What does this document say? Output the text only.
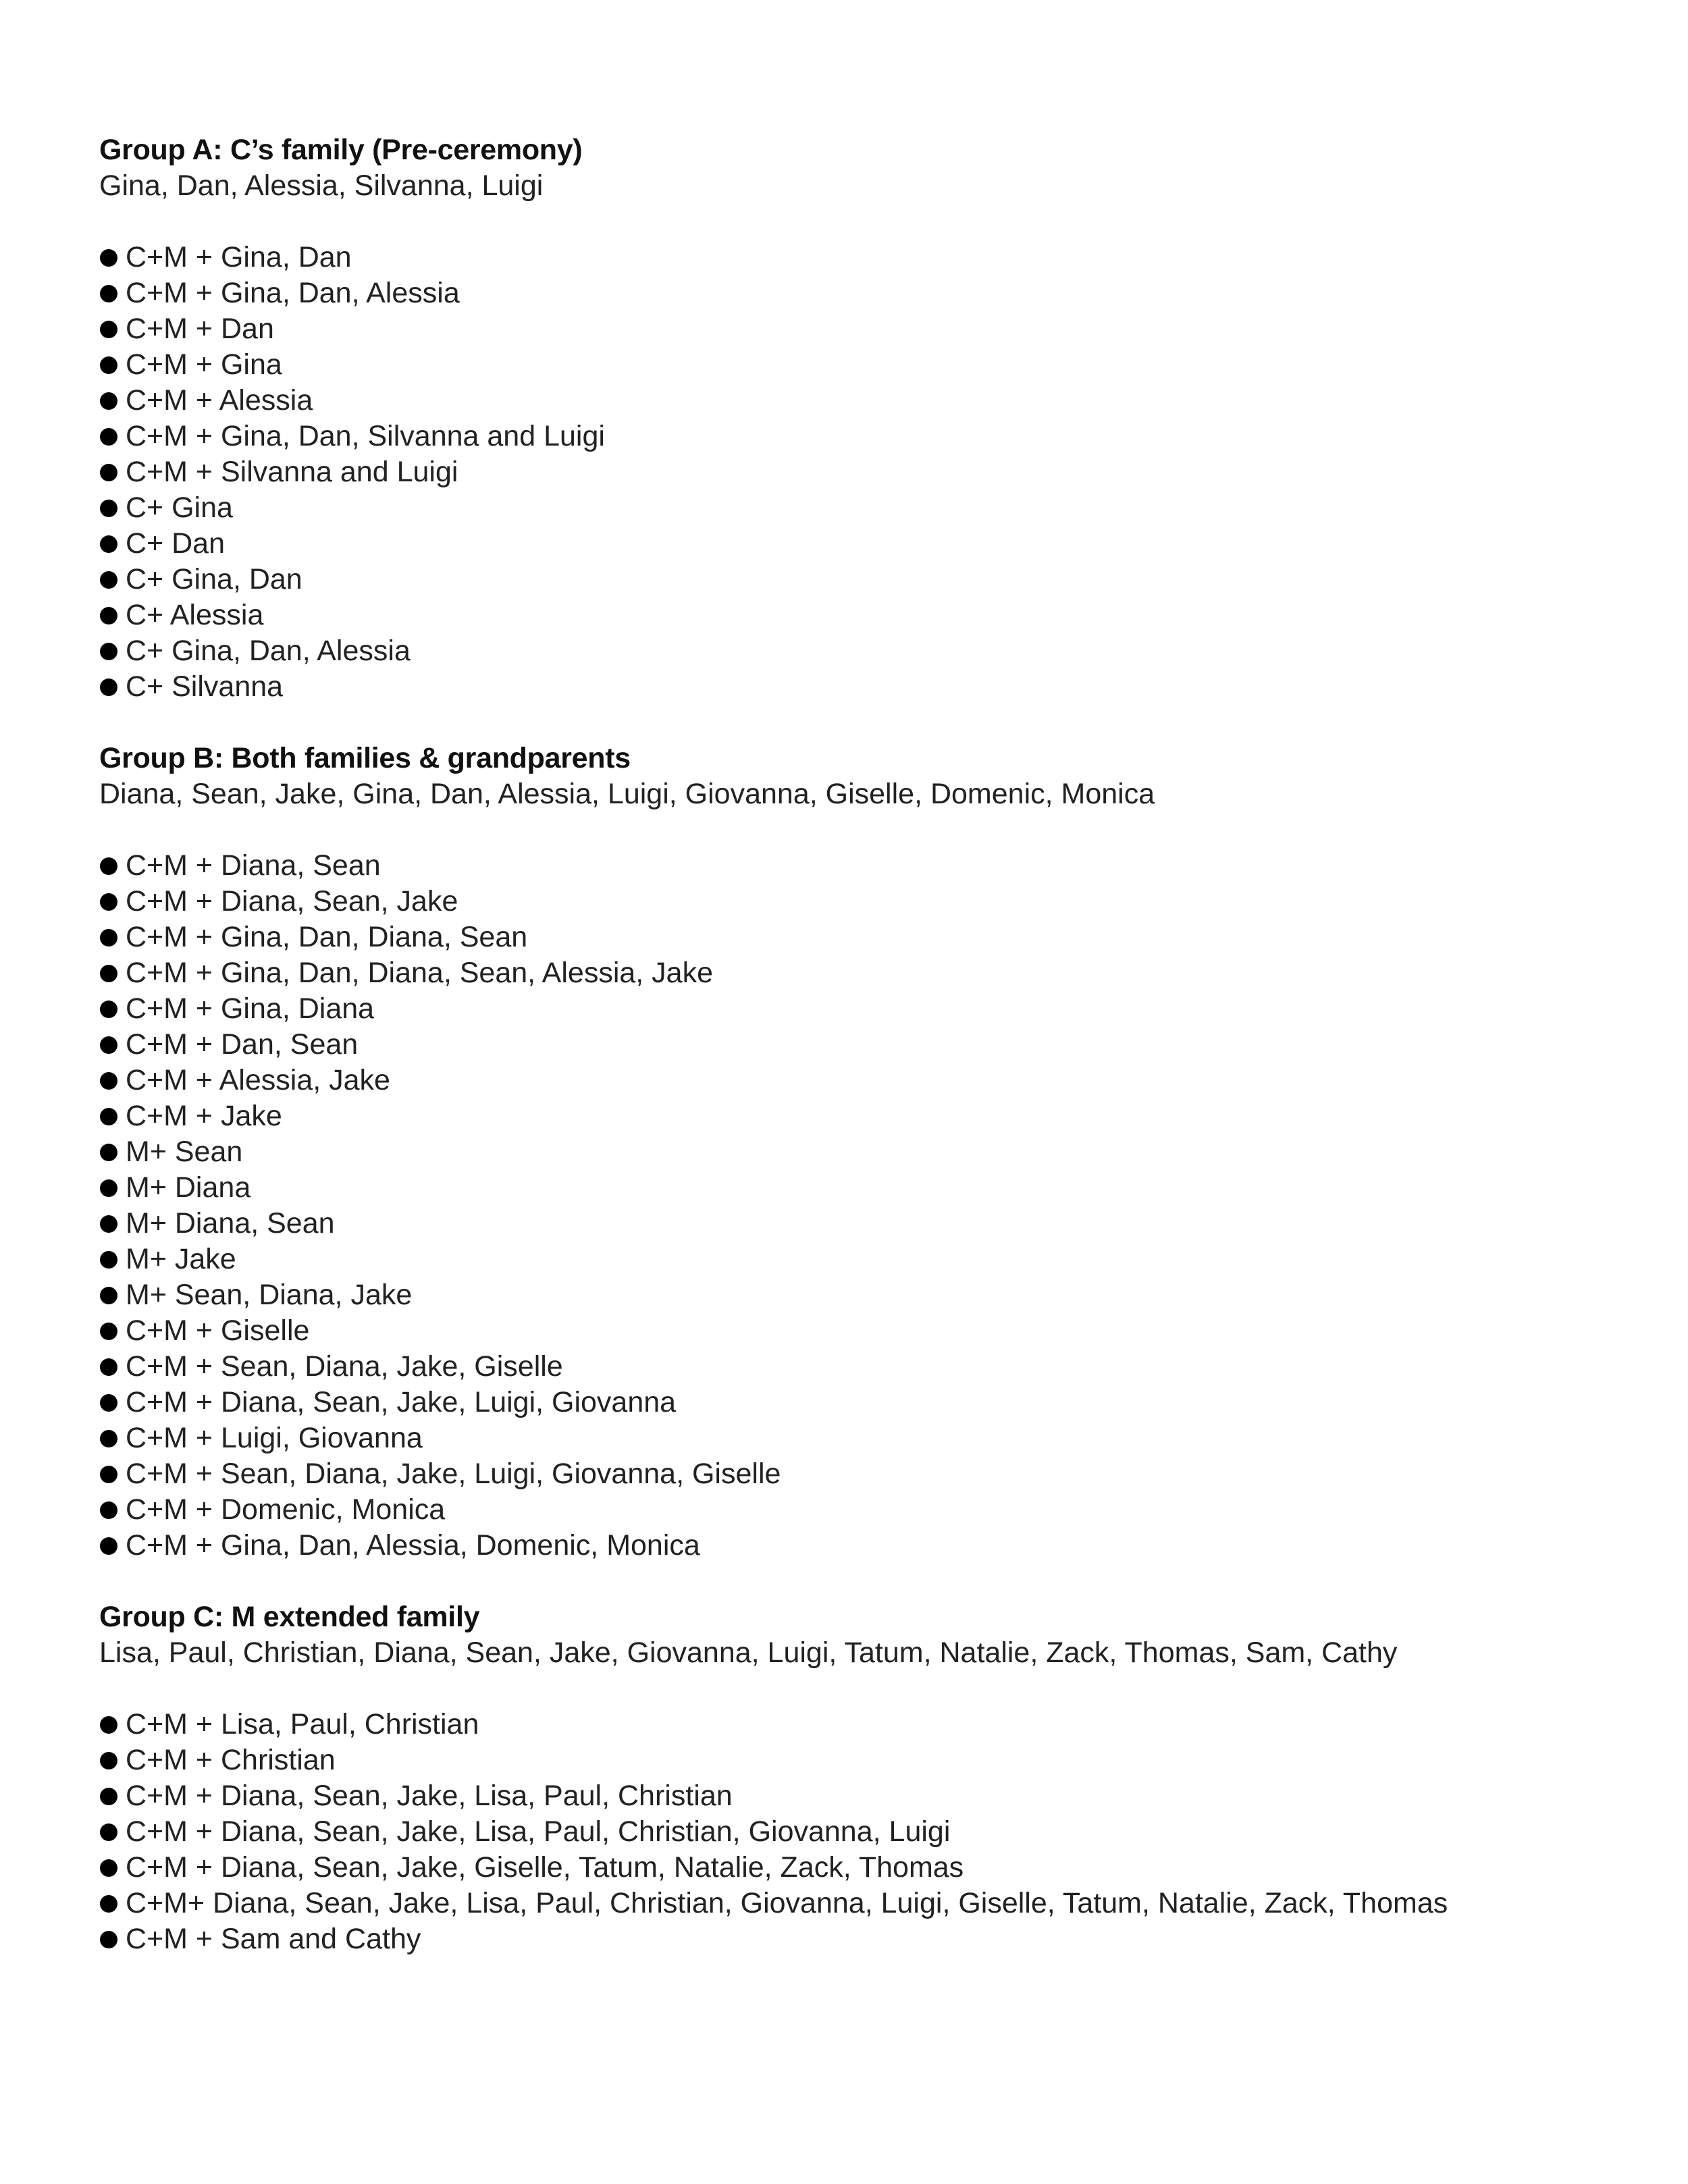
Group A: C’s family (Pre-ceremony)

Gina, Dan, Alessia, Silvanna, Luigi

C+M + Gina, Dan
C+M + Gina, Dan, Alessia
C+M + Dan
C+M + Gina
C+M + Alessia
C+M + Gina, Dan, Silvanna and Luigi
C+M + Silvanna and Luigi
C+ Gina
C+ Dan
C+ Gina, Dan
C+ Alessia
C+ Gina, Dan, Alessia
C+ Silvanna
Group B: Both families & grandparents

Diana, Sean, Jake, Gina, Dan, Alessia, Luigi, Giovanna, Giselle, Domenic, Monica

C+M + Diana, Sean
C+M + Diana, Sean, Jake
C+M + Gina, Dan, Diana, Sean
C+M + Gina, Dan, Diana, Sean, Alessia, Jake
C+M + Gina, Diana
C+M + Dan, Sean
C+M + Alessia, Jake
C+M + Jake
M+ Sean
M+ Diana
M+ Diana, Sean
M+ Jake
M+ Sean, Diana, Jake
C+M + Giselle
C+M + Sean, Diana, Jake, Giselle
C+M + Diana, Sean, Jake, Luigi, Giovanna
C+M + Luigi, Giovanna
C+M + Sean, Diana, Jake, Luigi, Giovanna, Giselle
C+M + Domenic, Monica
C+M + Gina, Dan, Alessia, Domenic, Monica
Group C: M extended family

Lisa, Paul, Christian, Diana, Sean, Jake, Giovanna, Luigi, Tatum, Natalie, Zack, Thomas, Sam, Cathy

C+M + Lisa, Paul, Christian
C+M + Christian
C+M + Diana, Sean, Jake, Lisa, Paul, Christian
C+M + Diana, Sean, Jake, Lisa, Paul, Christian, Giovanna, Luigi
C+M + Diana, Sean, Jake, Giselle, Tatum, Natalie, Zack, Thomas
C+M+ Diana, Sean, Jake, Lisa, Paul, Christian, Giovanna, Luigi, Giselle, Tatum, Natalie, Zack, Thomas
C+M + Sam and Cathy
